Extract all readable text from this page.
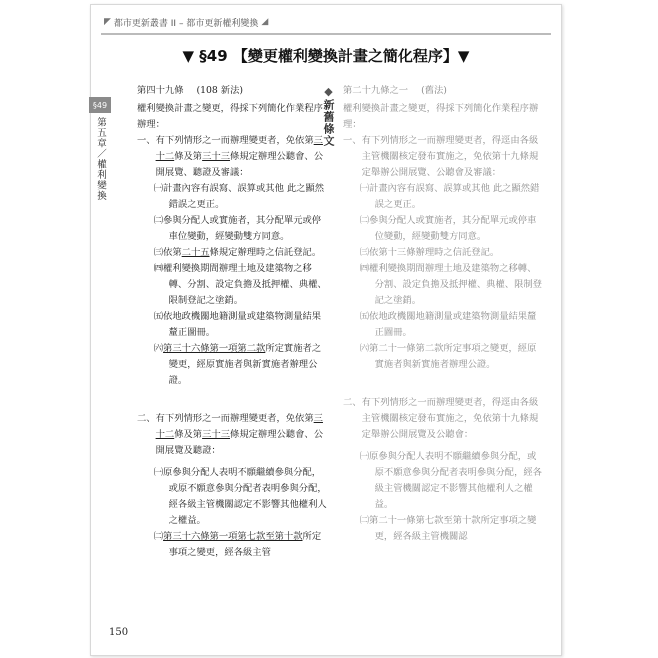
◤ 都市更新叢書 II – 都市更新權利變換 ◢
▼ §49 【變更權利變換計畫之簡化程序】▼
§49
第五章／權利變換
◆新舊條文
第四十九條 (108 新法)

權利變換計畫之變更，得採下列簡化作業程序辦理：

一、有下列情形之一而辦理變更者，免依第三十二條及第三十三條規定辦理公聽會、公開展覽、聽證及審議：

㈠計畫內容有誤寫、誤算或其他 此之顯然錯誤之更正。

㈡參與分配人或實施者，其分配單元或停車位變動，經變動雙方同意。

㈢依第二十五條規定辦理時之信託登記。

㈣權利變換期間辦理土地及建築物之移轉、分割、設定負擔及抵押權、典權、限制登記之塗銷。

㈤依地政機關地籍測量或建築物測量結果釐正圖冊。

㈥第三十六條第一項第二款所定實施者之變更，經原實施者與新實施者辦理公證。

二、有下列情形之一而辦理變更者，免依第三十二條及第三十三條規定辦理公聽會、公開展覽及聽證：

㈠原參與分配人表明不願繼續參與分配，或原不願意參與分配者表明參與分配，經各級主管機關認定不影響其他權利人之權益。

㈡第三十六條第一項第七款至第十款所定事項之變更，經各級主管

第二十九條之一 (舊法)

權利變換計畫之變更，得採下列簡化作業程序辦理：

一、有下列情形之一而辦理變更者，得逕由各級主管機關核定發布實施之，免依第十九條規定舉辦公開展覽、公聽會及審議：

㈠計畫內容有誤寫、誤算或其他 此之顯然錯誤之更正。

㈡參與分配人或實施者，其分配單元或停車位變動，經變動雙方同意。

㈢依第十三條辦理時之信託登記。

㈣權利變換期間辦理土地及建築物之移轉、分割、設定負擔及抵押權、典權、限制登記之塗銷。

㈤依地政機關地籍測量或建築物測量結果釐正圖冊。

㈥第二十一條第二款所定事項之變更，經原實施者與新實施者辦理公證。

二、有下列情形之一而辦理變更者，得逕由各級主管機關核定發布實施之，免依第十九條規定舉辦公開展覽及公聽會：

㈠原參與分配人表明不願繼續參與分配，或原不願意參與分配者表明參與分配，經各級主管機關認定不影響其他權利人之權益。

㈡第二十一條第七款至第十款所定事項之變更，經各級主管機關認

150
